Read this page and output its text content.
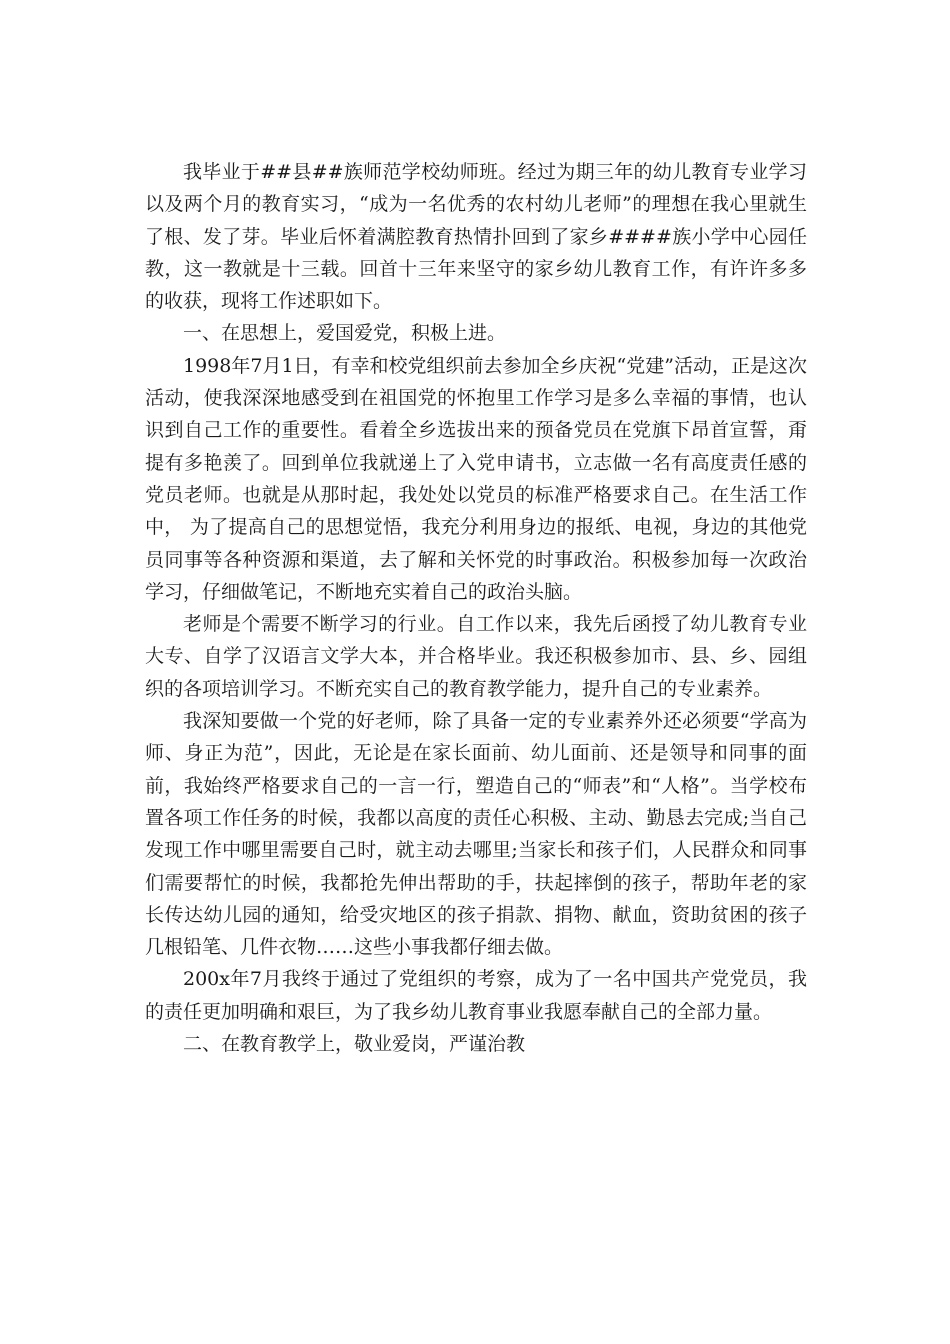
我毕业于##县##族师范学校幼师班。经过为期三年的幼儿教育专业学习以及两个月的教育实习，“成为一名优秀的农村幼儿老师”的理想在我心里就生了根、发了芽。毕业后怀着满腔教育热情扑回到了家乡####族小学中心园任教，这一教就是十三载。回首十三年来坚守的家乡幼儿教育工作，有许许多多的收获，现将工作述职如下。

一、在思想上，爱国爱党，积极上进。

1998年7月1日，有幸和校党组织前去参加全乡庆祝“党建”活动，正是这次活动，使我深深地感受到在祖国党的怀抱里工作学习是多么幸福的事情，也认识到自己工作的重要性。看着全乡选拔出来的预备党员在党旗下昂首宣誓，甭提有多艳羡了。回到单位我就递上了入党申请书，立志做一名有高度责任感的党员老师。也就是从那时起，我处处以党员的标准严格要求自己。在生活工作中， 为了提高自己的思想觉悟，我充分利用身边的报纸、电视，身边的其他党员同事等各种资源和渠道，去了解和关怀党的时事政治。积极参加每一次政治学习，仔细做笔记，不断地充实着自己的政治头脑。

老师是个需要不断学习的行业。自工作以来，我先后函授了幼儿教育专业大专、自学了汉语言文学大本，并合格毕业。我还积极参加市、县、乡、园组织的各项培训学习。不断充实自己的教育教学能力，提升自己的专业素养。

我深知要做一个党的好老师，除了具备一定的专业素养外还必须要“学高为师、身正为范”，因此，无论是在家长面前、幼儿面前、还是领导和同事的面前，我始终严格要求自己的一言一行，塑造自己的“师表”和“人格”。当学校布置各项工作任务的时候，我都以高度的责任心积极、主动、勤恳去完成;当自己发现工作中哪里需要自己时，就主动去哪里;当家长和孩子们，人民群众和同事们需要帮忙的时候，我都抢先伸出帮助的手，扶起摔倒的孩子，帮助年老的家长传达幼儿园的通知，给受灾地区的孩子捐款、捐物、献血，资助贫困的孩子几根铅笔、几件衣物……这些小事我都仔细去做。

200x年7月我终于通过了党组织的考察，成为了一名中国共产党党员，我的责任更加明确和艰巨，为了我乡幼儿教育事业我愿奉献自己的全部力量。

二、在教育教学上，敬业爱岗，严谨治教
